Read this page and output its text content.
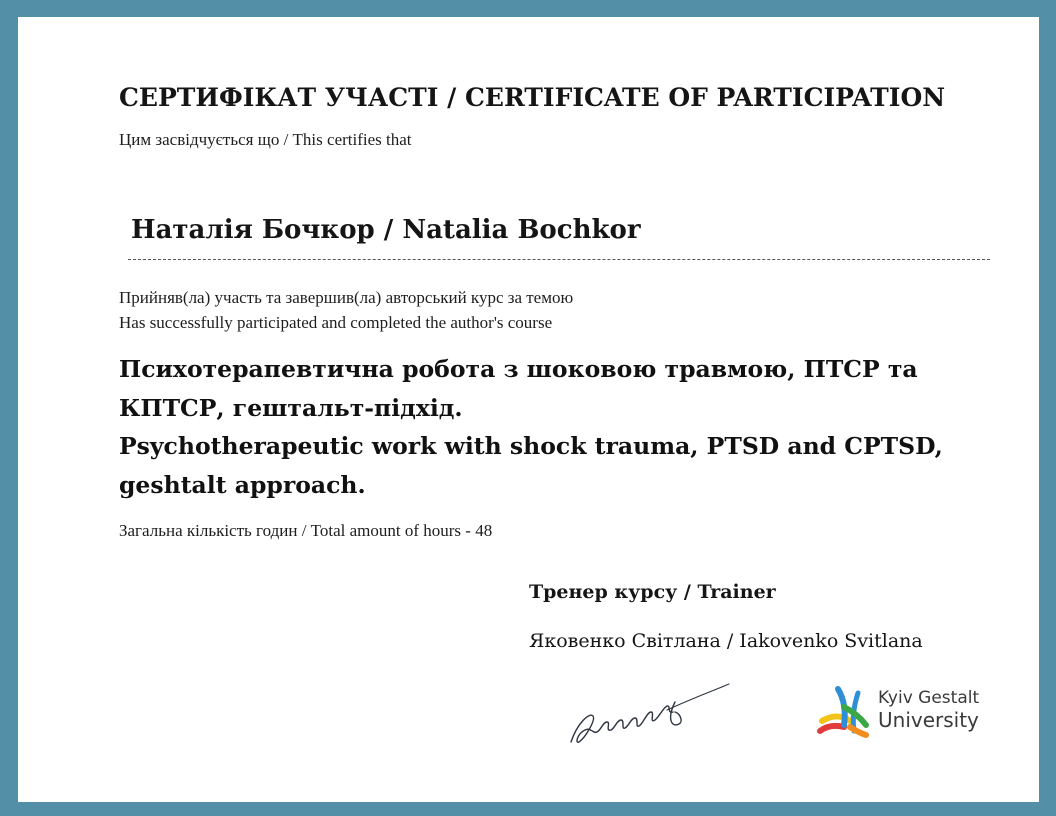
СЕРТИФІКАТ УЧАСТІ / CERTIFICATE OF PARTICIPATION
Цим засвідчується що / This certifies that
Наталія Бочкор / Natalia Bochkor
Прийняв(ла) участь та завершив(ла) авторський курс за темою
Has successfully participated and completed the author's course
Психотерапевтична робота з шоковою травмою, ПТСР та
КПТСР, гештальт-підхід.
Psychotherapeutic work with shock trauma, PTSD and CPTSD,
geshtalt approach.
Загальна кількість годин / Total amount of hours - 48
Тренер курсу / Trainer
Яковенко Світлана / Iakovenko Svitlana
Kyiv Gestalt
University
